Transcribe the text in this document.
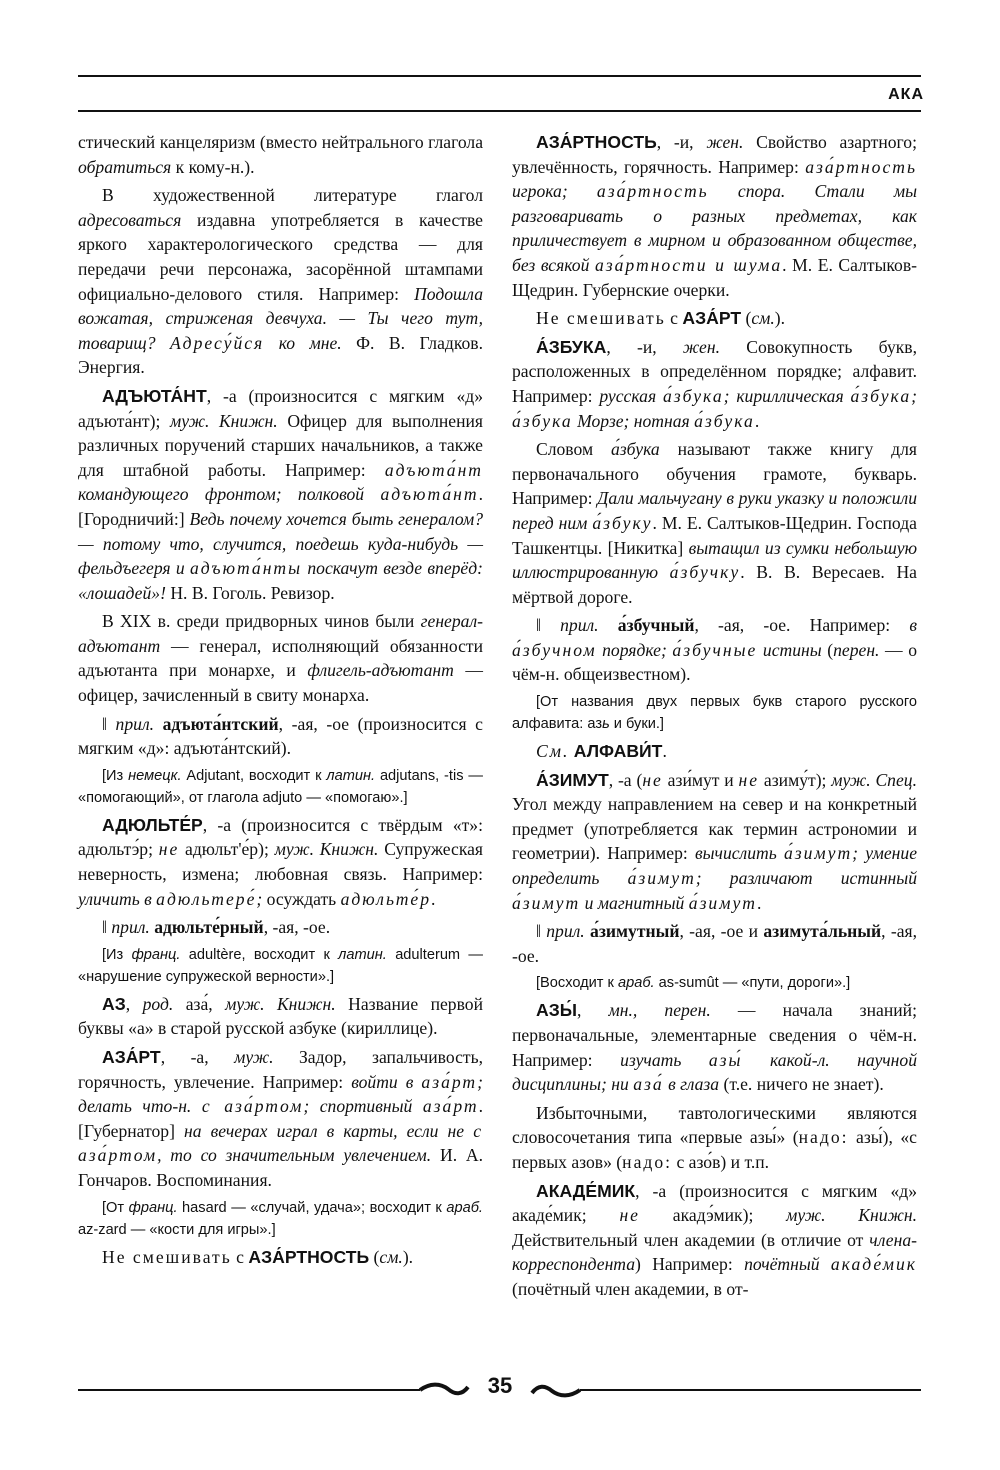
АКА

стический канцеляризм (вместо нейтрального глагола обратиться к кому-н.).

В художественной литературе глагол адресоваться издавна употребляется в качестве яркого характерологического средства — для передачи речи персонажа, засорённой штампами официально-делового стиля. Например: Подошла вожатая, стриженая девчуха. — Ты чего тут, товарищ? Адресу́йся ко мне. Ф. В. Гладков. Энергия.

АДЪЮТА́НТ, -а (произносится с мягким «д» адъюта́нт); муж. Книжн. Офицер для выполнения различных поручений старших начальников, а также для штабной работы. Например: адъюта́нт командующего фронтом; полковой адъюта́нт. [Городничий:] Ведь почему хочется быть генералом? — потому что, случится, поедешь куда-нибудь — фельдъегеря и адъюта́нты поскачут везде вперёд: «лошадей»! Н. В. Гоголь. Ревизор.

В XIX в. среди придворных чинов были генерал-адъютант — генерал, исполняющий обязанности адъютанта при монархе, и флигель-адъютант — офицер, зачисленный в свиту монарха.

‖ прил. адъюта́нтский, -ая, -ое (произносится с мягким «д»: адъюта́нтский).

[Из немецк. Adjutant, восходит к латин. adjutans, -tis — «помогающий», от глагола adjuto — «помогаю».]

АДЮЛЬТЕ́Р, -а (произносится с твёрдым «т»: адюльтэ́р; не адюльт'е́р); муж. Книжн. Супружеская неверность, измена; любовная связь. Например: уличить в адюльтере́; осуждать адюльте́р.

‖ прил. адюльте́рный, -ая, -ое.

[Из франц. adultère, восходит к латин. adulterum — «нарушение супружеской верности».]

АЗ, род. аза́, муж. Книжн. Название первой буквы «а» в старой русской азбуке (кириллице).

АЗА́РТ, -а, муж. Задор, запальчивость, горячность, увлечение. Например: войти в аза́рт; делать что-н. с аза́ртом; спортивный аза́рт. [Губернатор] на вечерах играл в карты, если не с аза́ртом, то со значительным увлечением. И. А. Гончаров. Воспоминания.

[От франц. hasard — «случай, удача»; восходит к араб. az-zard — «кости для игры».]

Не смешивать с АЗА́РТНОСТЬ (см.).

АЗА́РТНОСТЬ, -и, жен. Свойство азартного; увлечённость, горячность. Например: аза́ртность игрока; аза́ртность спора. Стали мы разговаривать о разных предметах, как приличествует в мирном и образованном обществе, без всякой аза́ртности и шума. М. Е. Салтыков-Щедрин. Губернские очерки.

Не смешивать с АЗА́РТ (см.).

А́ЗБУКА, -и, жен. Совокупность букв, расположенных в определённом порядке; алфавит. Например: русская а́збука; кириллическая а́збука; а́збука Морзе; нотная а́збука.

Словом а́збука называют также книгу для первоначального обучения грамоте, букварь. Например: Дали мальчугану в руки указку и положили перед ним а́збуку. М. Е. Салтыков-Щедрин. Господа Ташкентцы. [Никитка] вытащил из сумки небольшую иллюстрированную а́збучку. В. В. Вересаев. На мёртвой дороге.

‖ прил. а́збучный, -ая, -ое. Например: в а́збучном порядке; а́збучные истины (перен. — о чём-н. общеизвестном).

[От названия двух первых букв старого русского алфавита: азь и буки.]

См. АЛФАВИ́Т.

А́ЗИМУТ, -а (не ази́мут и не азиму́т); муж. Спец. Угол между направлением на север и на конкретный предмет (употребляется как термин астрономии и геометрии). Например: вычислить а́зимут; умение определить а́зимут; различают истинный а́зимут и магнитный а́зимут.

‖ прил. а́зимутный, -ая, -ое и азимута́льный, -ая, -ое.

[Восходит к араб. as-sumût — «пути, дороги».]

АЗЫ́, мн., перен. — начала знаний; первоначальные, элементарные сведения о чём-н. Например: изучать азы́ какой-л. научной дисциплины; ни аза́ в глаза (т.е. ничего не знает).

Избыточными, тавтологическими являются словосочетания типа «первые азы́» (надо: азы́), «с первых азов» (надо: с азо́в) и т.п.

АКАДЕ́МИК, -а (произносится с мягким «д» акаде́мик; не акадэ́мик); муж. Книжн. Действительный член академии (в отличие от члена-корреспондента) Например: почётный акаде́мик (почётный член академии, в от-

35
